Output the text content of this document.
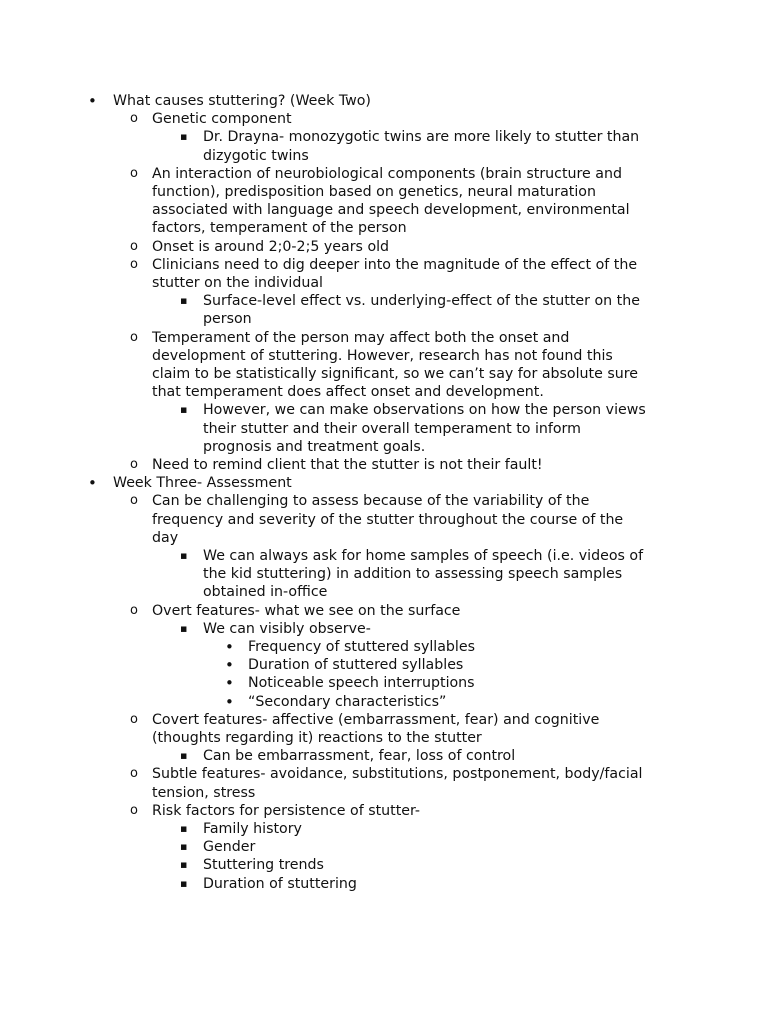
• What causes stuttering? (Week Two)
o Genetic component
▪ Dr. Drayna- monozygotic twins are more likely to stutter than
dizygotic twins
o An interaction of neurobiological components (brain structure and
function), predisposition based on genetics, neural maturation
associated with language and speech development, environmental
factors, temperament of the person
o Onset is around 2;0-2;5 years old
o Clinicians need to dig deeper into the magnitude of the effect of the
stutter on the individual
▪ Surface-level effect vs. underlying-effect of the stutter on the
person
o Temperament of the person may affect both the onset and
development of stuttering. However, research has not found this
claim to be statistically significant, so we can’t say for absolute sure
that temperament does affect onset and development.
▪ However, we can make observations on how the person views
their stutter and their overall temperament to inform
prognosis and treatment goals.
o Need to remind client that the stutter is not their fault!
• Week Three- Assessment
o Can be challenging to assess because of the variability of the
frequency and severity of the stutter throughout the course of the
day
▪ We can always ask for home samples of speech (i.e. videos of
the kid stuttering) in addition to assessing speech samples
obtained in-office
o Overt features- what we see on the surface
▪ We can visibly observe-
• Frequency of stuttered syllables
• Duration of stuttered syllables
• Noticeable speech interruptions
• “Secondary characteristics”
o Covert features- affective (embarrassment, fear) and cognitive
(thoughts regarding it) reactions to the stutter
▪ Can be embarrassment, fear, loss of control
o Subtle features- avoidance, substitutions, postponement, body/facial
tension, stress
o Risk factors for persistence of stutter-
▪ Family history
▪ Gender
▪ Stuttering trends
▪ Duration of stuttering
